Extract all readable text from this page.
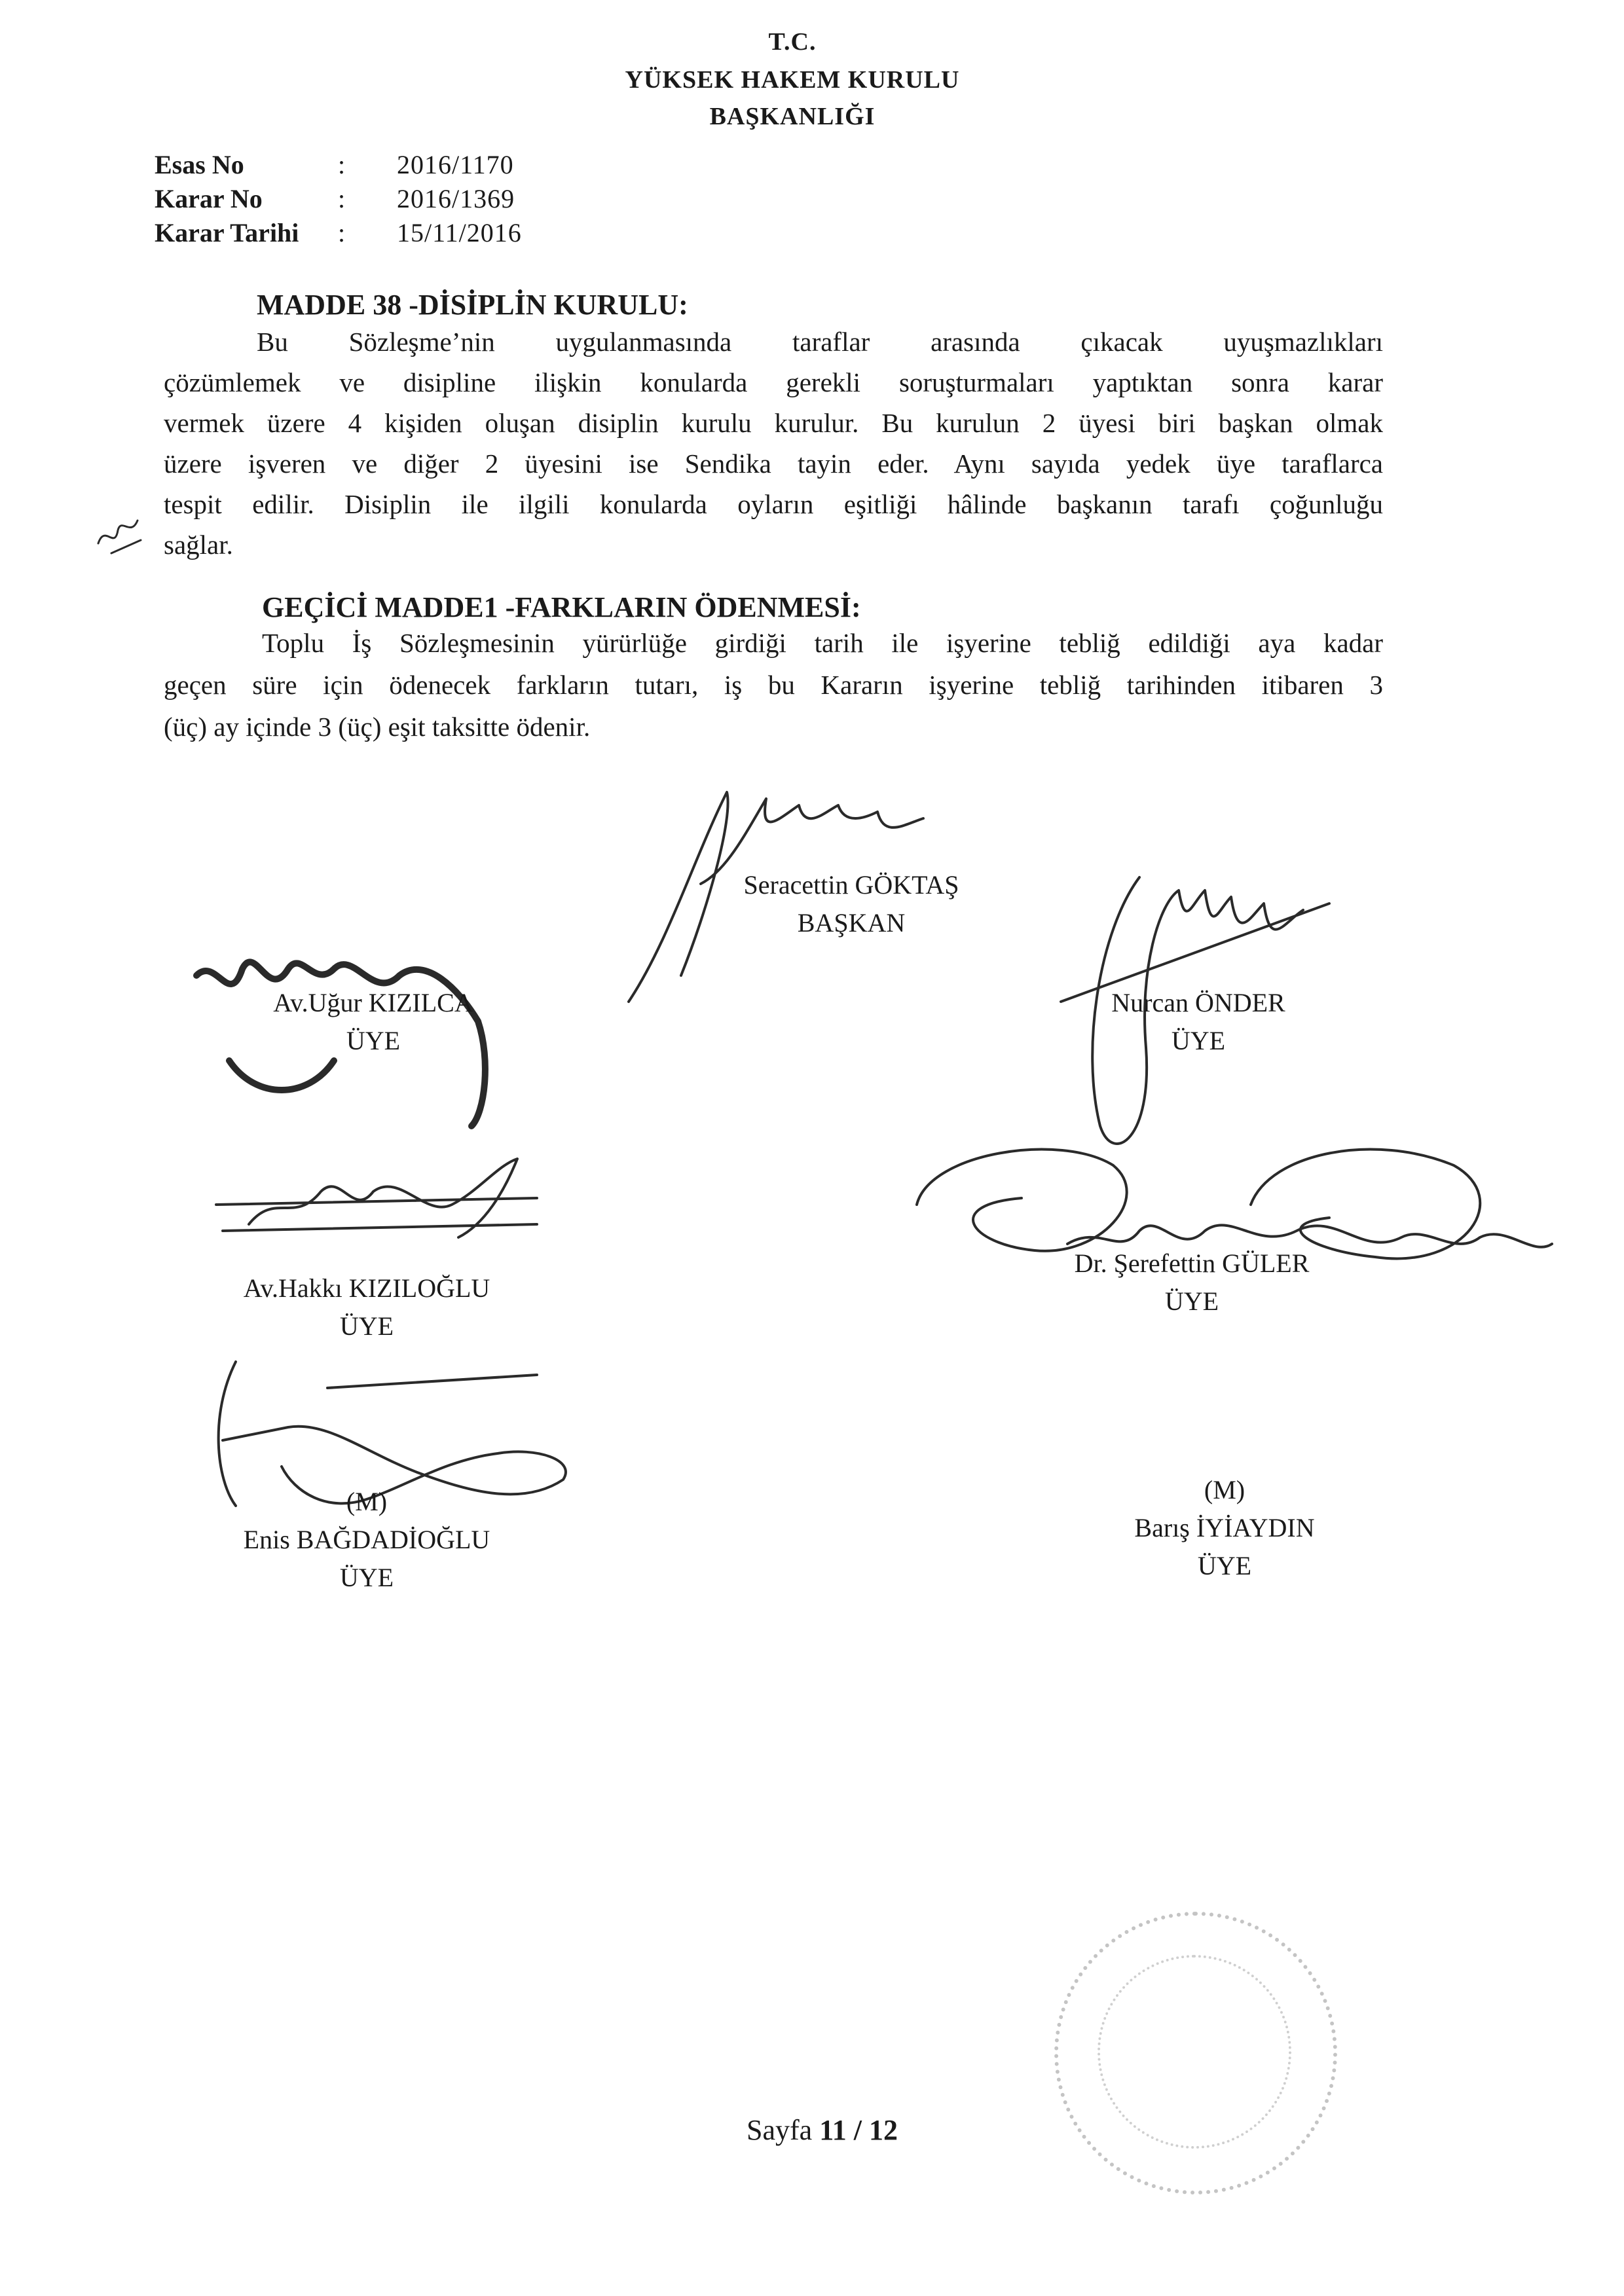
T.C.
YÜKSEK HAKEM KURULU
BAŞKANLIĞI
Esas No	: 2016/1170
Karar No	: 2016/1369
Karar Tarihi : 15/11/2016
MADDE 38 -DİSİPLİN KURULU:
Bu Sözleşme’nin uygulanmasında taraflar arasında çıkacak uyuşmazlıkları
çözümlemek ve disipline ilişkin konularda gerekli soruşturmaları yaptıktan sonra karar
vermek üzere 4 kişiden oluşan disiplin kurulu kurulur. Bu kurulun 2 üyesi biri başkan olmak
üzere işveren ve diğer 2 üyesini ise Sendika tayin eder. Aynı sayıda yedek üye taraflarca
tespit edilir. Disiplin ile ilgili konularda oyların eşitliği hâlinde başkanın tarafı çoğunluğu
sağlar.
GEÇİCİ MADDE1 -FARKLARIN ÖDENMESİ:
Toplu İş Sözleşmesinin yürürlüğe girdiği tarih ile işyerine tebliğ edildiği aya kadar
geçen süre için ödenecek farkların tutarı, iş bu Kararın işyerine tebliğ tarihinden itibaren 3
(üç) ay içinde 3 (üç) eşit taksitte ödenir.
Seracettin GÖKTAŞ
BAŞKAN
Av.Uğur KIZILCA
ÜYE
Nurcan ÖNDER
ÜYE
Av.Hakkı KIZILOĞLU
ÜYE
Dr. Şerefettin GÜLER
ÜYE
(M)
Enis BAĞDADİOĞLU
ÜYE
(M)
Barış İYİAYDIN
ÜYE
Sayfa 11 / 12
